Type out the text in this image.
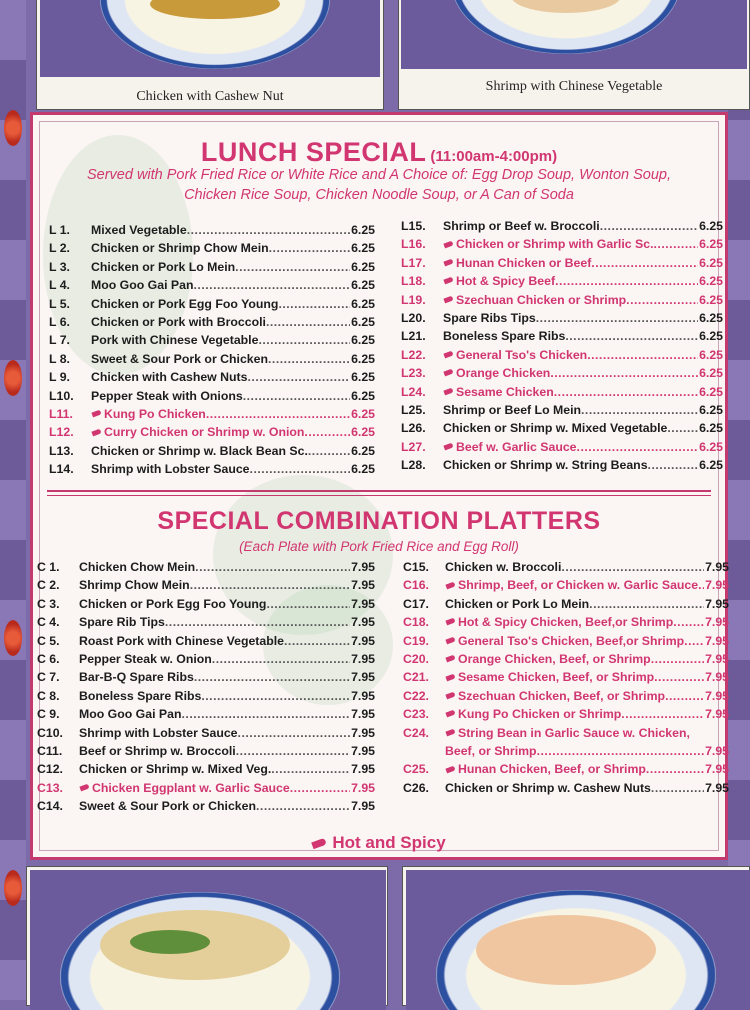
Chicken with Cashew Nut
Shrimp with Chinese Vegetable
LUNCH SPECIAL (11:00am-4:00pm)
Served with Pork Fried Rice or White Rice and A Choice of: Egg Drop Soup, Wonton Soup,
Chicken Rice Soup, Chicken Noodle Soup, or A Can of Soda
L 1.	Mixed Vegetable .....	6.25
L 2.	Chicken or Shrimp Chow Mein .....	6.25
L 3.	Chicken or Pork Lo Mein .....	6.25
L 4.	Moo Goo Gai Pan .....	6.25
L 5.	Chicken or Pork Egg Foo Young .....	6.25
L 6.	Chicken or Pork with Broccoli .....	6.25
L 7.	Pork with Chinese Vegetable .....	6.25
L 8.	Sweet & Sour Pork or Chicken .....	6.25
L 9.	Chicken with Cashew Nuts .....	6.25
L10.	Pepper Steak with Onions .....	6.25
L11.	Kung Po Chicken .....	6.25
L12.	Curry Chicken or Shrimp w. Onion .....	6.25
L13.	Chicken or Shrimp w. Black Bean Sc. .....	6.25
L14.	Shrimp with Lobster Sauce .....	6.25
L15.	Shrimp or Beef w. Broccoli .....	6.25
L16.	Chicken or Shrimp with Garlic Sc. .....	6.25
L17.	Hunan Chicken or Beef .....	6.25
L18.	Hot & Spicy Beef .....	6.25
L19.	Szechuan Chicken or Shrimp .....	6.25
L20.	Spare Ribs Tips .....	6.25
L21.	Boneless Spare Ribs .....	6.25
L22.	General Tso's Chicken .....	6.25
L23.	Orange Chicken .....	6.25
L24.	Sesame Chicken .....	6.25
L25.	Shrimp or Beef Lo Mein .....	6.25
L26.	Chicken or Shrimp w. Mixed Vegetable .....	6.25
L27.	Beef w. Garlic Sauce .....	6.25
L28.	Chicken or Shrimp w. String Beans .....	6.25
SPECIAL COMBINATION PLATTERS
(Each Plate with Pork Fried Rice and Egg Roll)
C 1.	Chicken Chow Mein .....	7.95
C 2.	Shrimp Chow Mein .....	7.95
C 3.	Chicken or Pork Egg Foo Young .....	7.95
C 4.	Spare Rib Tips .....	7.95
C 5.	Roast Pork with Chinese Vegetable .....	7.95
C 6.	Pepper Steak w. Onion .....	7.95
C 7.	Bar-B-Q Spare Ribs .....	7.95
C 8.	Boneless Spare Ribs .....	7.95
C 9.	Moo Goo Gai Pan .....	7.95
C10.	Shrimp with Lobster Sauce .....	7.95
C11.	Beef or Shrimp w. Broccoli .....	7.95
C12.	Chicken or Shrimp w. Mixed Veg. .....	7.95
C13.	Chicken Eggplant w. Garlic Sauce .....	7.95
C14.	Sweet & Sour Pork or Chicken .....	7.95
C15.	Chicken w. Broccoli .....	7.95
C16.	Shrimp, Beef, or Chicken w. Garlic Sauce ..... 7.95
C17.	Chicken or Pork Lo Mein .....	7.95
C18.	Hot & Spicy Chicken, Beef,or Shrimp .....	7.95
C19.	General Tso's Chicken, Beef,or Shrimp ..... 7.95
C20.	Orange Chicken, Beef, or Shrimp .....	7.95
C21.	Sesame Chicken, Beef, or Shrimp .....	7.95
C22.	Szechuan Chicken, Beef, or Shrimp .....	7.95
C23.	Kung Po Chicken or Shrimp .....	7.95
C24.	String Bean in Garlic Sauce w. Chicken,
Beef, or Shrimp .....	7.95
C25.	Hunan Chicken, Beef, or Shrimp .....	7.95
C26.	Chicken or Shrimp w. Cashew Nuts .....	7.95
Hot and Spicy
